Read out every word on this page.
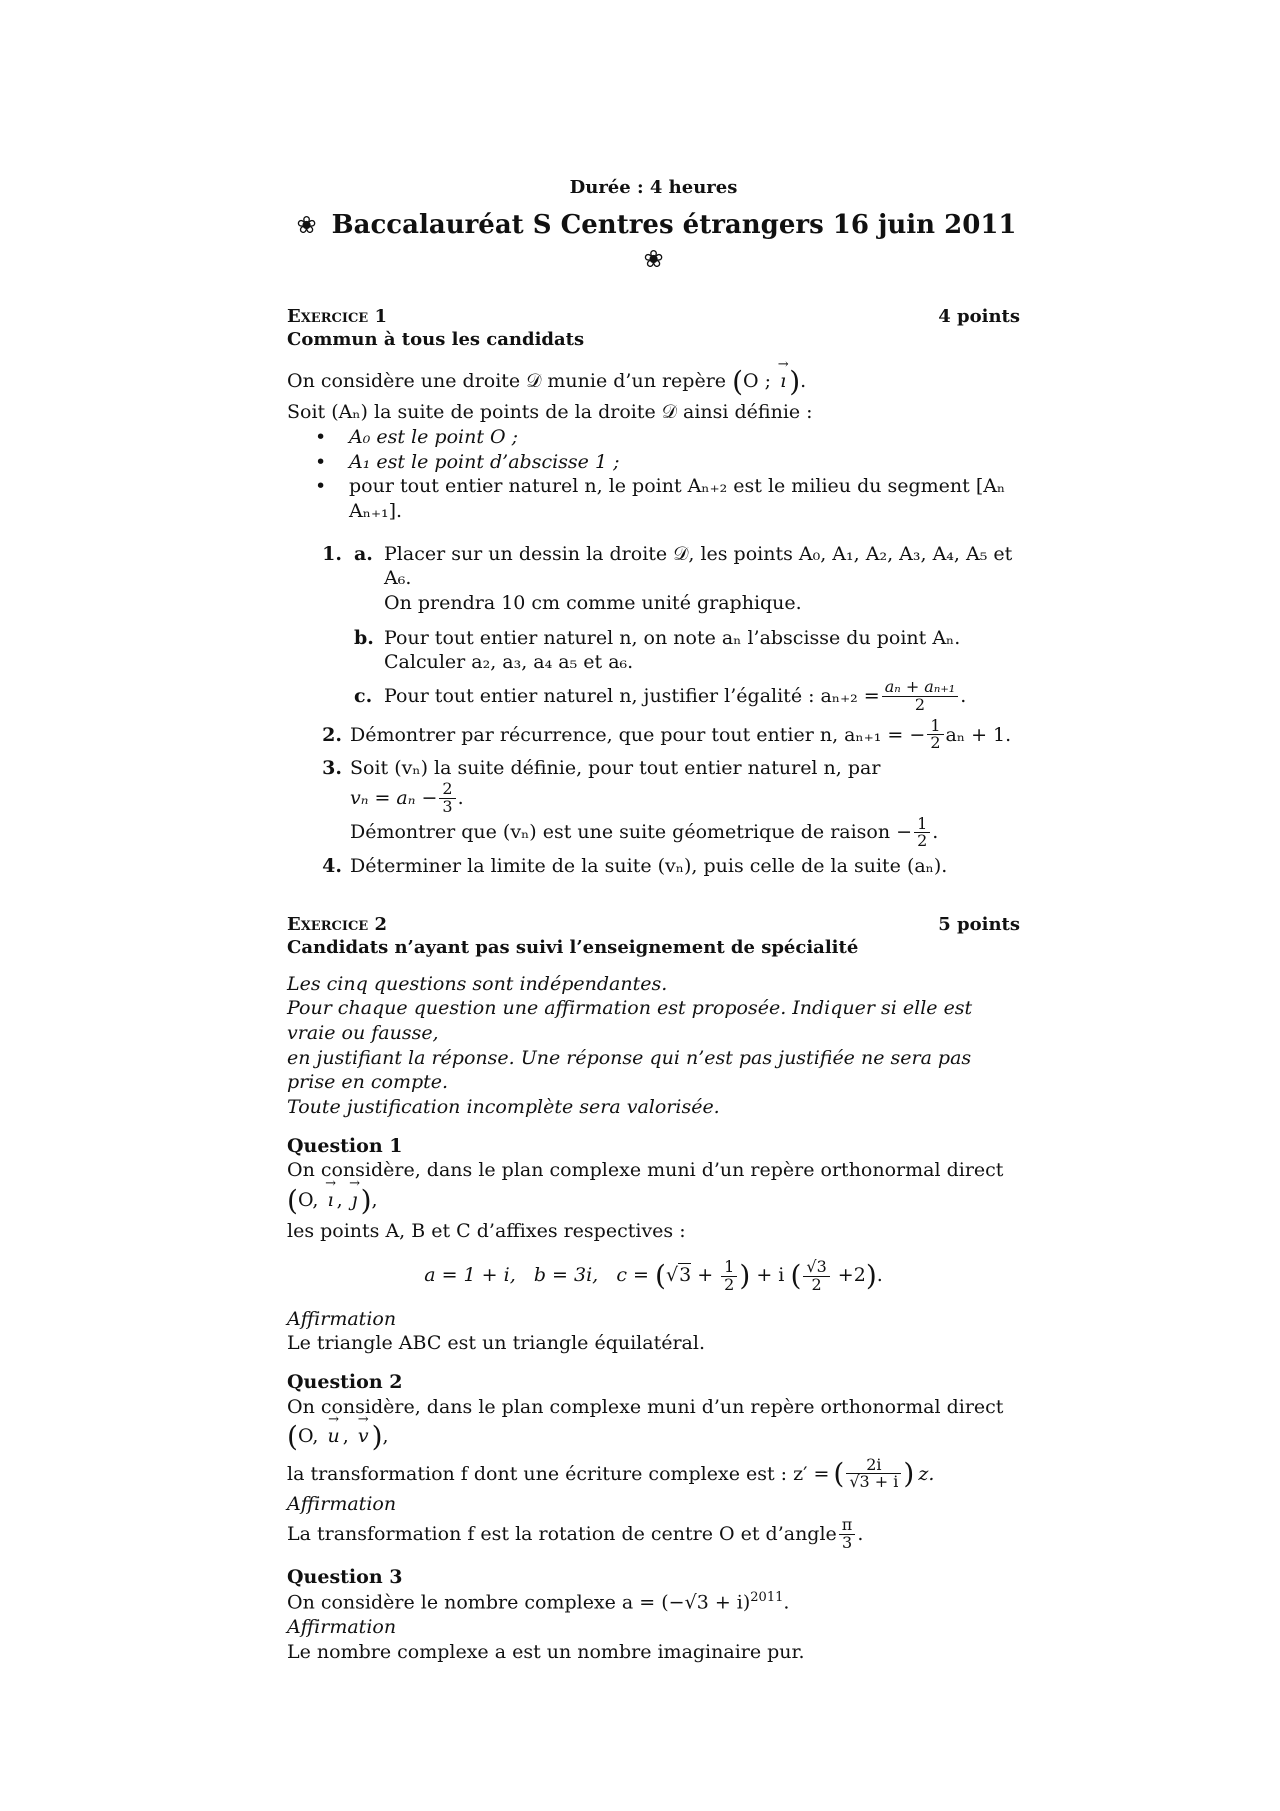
Durée : 4 heures
❀ Baccalauréat S Centres étrangers 16 juin 2011 ❀
Exercice 1	4 points
Commun à tous les candidats
On considère une droite 𝒟 munie d’un repère (O ; → ı ).
Soit (Aₙ) la suite de points de la droite 𝒟 ainsi définie :
•	A₀ est le point O ;
•	A₁ est le point d’abscisse 1 ;
•	pour tout entier naturel n, le point Aₙ₊₂ est le milieu du segment [Aₙ Aₙ₊₁].
1. a. Placer sur un dessin la droite 𝒟, les points A₀, A₁, A₂, A₃, A₄, A₅ et A₆.
On prendra 10 cm comme unité graphique.
b. Pour tout entier naturel n, on note aₙ l’abscisse du point Aₙ.
Calculer a₂, a₃, a₄ a₅ et a₆.
c. Pour tout entier naturel n, justifier l’égalité : $a_{n+2} = \frac{\text{aₙ + aₙ₊₁}}{2}$ .
2. Démontrer par récurrence, que pour tout entier n, aₙ₊₁ = − $\frac{1}{2}$ aₙ + 1.
3. Soit (vₙ) la suite définie, pour tout entier naturel n, par
$v_n = a_n - \frac{2}{3}$ .
Démontrer que (vₙ) est une suite géometrique de raison − $\frac{1}{2}$ .
4. Déterminer la limite de la suite (vₙ), puis celle de la suite (aₙ).
Exercice 2	5 points
Candidats n’ayant pas suivi l’enseignement de spécialité
Les cinq questions sont indépendantes.
Pour chaque question une affirmation est proposée. Indiquer si elle est vraie ou fausse,
en justifiant la réponse. Une réponse qui n’est pas justifiée ne sera pas prise en compte.
Toute justification incomplète sera valorisée.
Question 1
On considère, dans le plan complexe muni d’un repère orthonormal direct (O, → ı , → ȷ ),
les points A, B et C d’affixes respectives :
a = 1 + i, b = 3i, $c = (√3 + \frac{1}{2}$ ) + i ( $\frac{√3}{2} +2$).
Affirmation
Le triangle ABC est un triangle équilatéral.
Question 2
On considère, dans le plan complexe muni d’un repère orthonormal direct (O, → u , → v ),
la transformation f dont une écriture complexe est : z′ = ( $\frac{2i}{√3 + i}$ ) z.
Affirmation
La transformation f est la rotation de centre O et d’angle $\frac{\pi}{3}$ .
Question 3
On considère le nombre complexe $a = (-√3 + i)^{2011}$.
Affirmation
Le nombre complexe a est un nombre imaginaire pur.
